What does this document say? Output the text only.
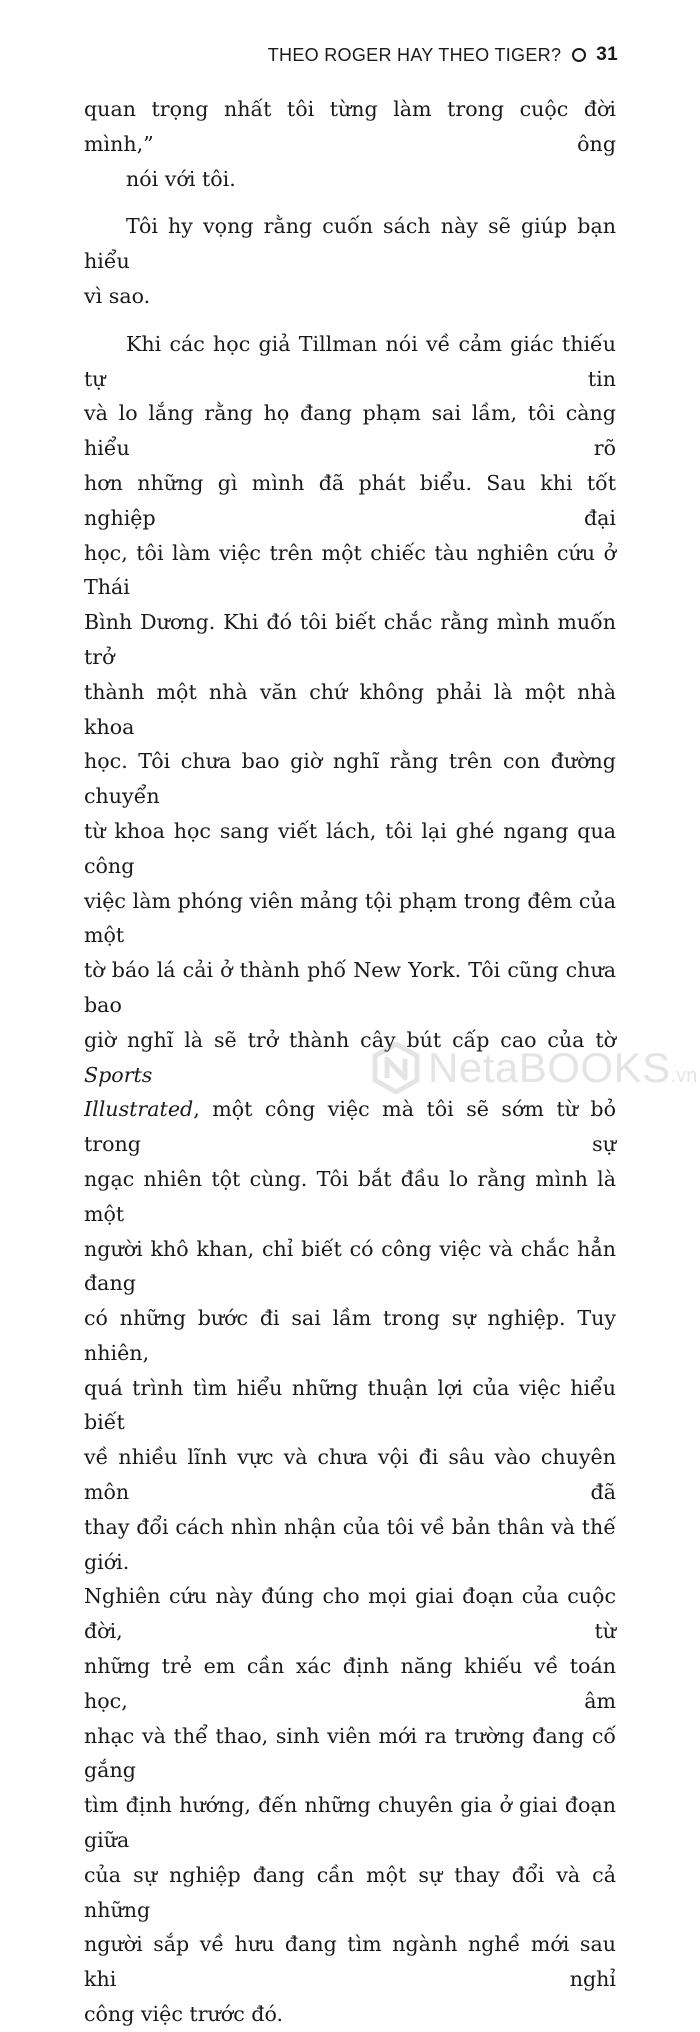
THEO ROGER HAY THEO TIGER? 31

quan trọng nhất tôi từng làm trong cuộc đời mình,” ông
nói với tôi.

Tôi hy vọng rằng cuốn sách này sẽ giúp bạn hiểu
vì sao.

Khi các học giả Tillman nói về cảm giác thiếu tự tin
và lo lắng rằng họ đang phạm sai lầm, tôi càng hiểu rõ
hơn những gì mình đã phát biểu. Sau khi tốt nghiệp đại
học, tôi làm việc trên một chiếc tàu nghiên cứu ở Thái
Bình Dương. Khi đó tôi biết chắc rằng mình muốn trở
thành một nhà văn chứ không phải là một nhà khoa
học. Tôi chưa bao giờ nghĩ rằng trên con đường chuyển
từ khoa học sang viết lách, tôi lại ghé ngang qua công
việc làm phóng viên mảng tội phạm trong đêm của một
tờ báo lá cải ở thành phố New York. Tôi cũng chưa bao
giờ nghĩ là sẽ trở thành cây bút cấp cao của tờ Sports
Illustrated, một công việc mà tôi sẽ sớm từ bỏ trong sự
ngạc nhiên tột cùng. Tôi bắt đầu lo rằng mình là một
người khô khan, chỉ biết có công việc và chắc hẳn đang
có những bước đi sai lầm trong sự nghiệp. Tuy nhiên,
quá trình tìm hiểu những thuận lợi của việc hiểu biết
về nhiều lĩnh vực và chưa vội đi sâu vào chuyên môn đã
thay đổi cách nhìn nhận của tôi về bản thân và thế giới.
Nghiên cứu này đúng cho mọi giai đoạn của cuộc đời, từ
những trẻ em cần xác định năng khiếu về toán học, âm
nhạc và thể thao, sinh viên mới ra trường đang cố gắng
tìm định hướng, đến những chuyên gia ở giai đoạn giữa
của sự nghiệp đang cần một sự thay đổi và cả những
người sắp về hưu đang tìm ngành nghề mới sau khi nghỉ
công việc trước đó.

NetaBOOKS .vn
